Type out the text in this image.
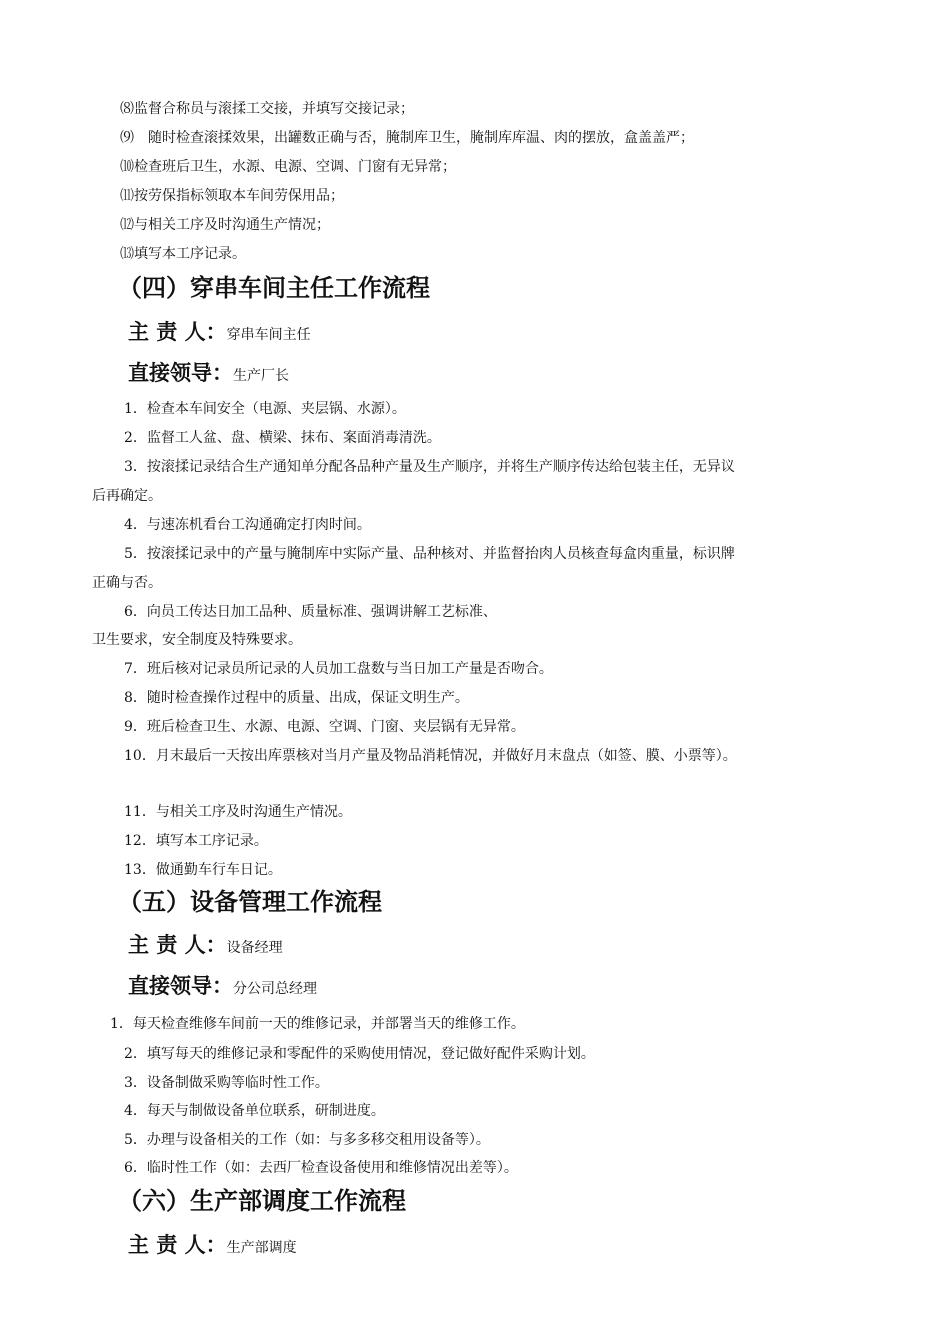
⑻监督合称员与滚揉工交接，并填写交接记录；
⑼　随时检查滚揉效果，出罐数正确与否，腌制库卫生，腌制库库温、肉的摆放，盒盖盖严；
⑽检查班后卫生，水源、电源、空调、门窗有无异常；
⑾按劳保指标领取本车间劳保用品；
⑿与相关工序及时沟通生产情况；
⒀填写本工序记录。
（四）穿串车间主任工作流程
主 责 人：穿串车间主任
直接领导：生产厂长
1．检查本车间安全（电源、夹层锅、水源）。
2．监督工人盆、盘、横梁、抹布、案面消毒清洗。
3．按滚揉记录结合生产通知单分配各品种产量及生产顺序，并将生产顺序传达给包装主任，无异议
后再确定。
4．与速冻机看台工沟通确定打肉时间。
5．按滚揉记录中的产量与腌制库中实际产量、品种核对、并监督抬肉人员核查每盒肉重量，标识牌
正确与否。
6．向员工传达日加工品种、质量标准、强调讲解工艺标准、
卫生要求，安全制度及特殊要求。
7．班后核对记录员所记录的人员加工盘数与当日加工产量是否吻合。
8．随时检查操作过程中的质量、出成，保证文明生产。
9．班后检查卫生、水源、电源、空调、门窗、夹层锅有无异常。
10．月末最后一天按出库票核对当月产量及物品消耗情况，并做好月末盘点（如签、膜、小票等）。
11．与相关工序及时沟通生产情况。
12．填写本工序记录。
13．做通勤车行车日记。
（五）设备管理工作流程
主 责 人：设备经理
直接领导：分公司总经理
1．每天检查维修车间前一天的维修记录，并部署当天的维修工作。
2．填写每天的维修记录和零配件的采购使用情况，登记做好配件采购计划。
3．设备制做采购等临时性工作。
4．每天与制做设备单位联系，研制进度。
5．办理与设备相关的工作（如：与多多移交租用设备等）。
6．临时性工作（如：去西厂检查设备使用和维修情况出差等）。
（六）生产部调度工作流程
主 责 人：生产部调度
